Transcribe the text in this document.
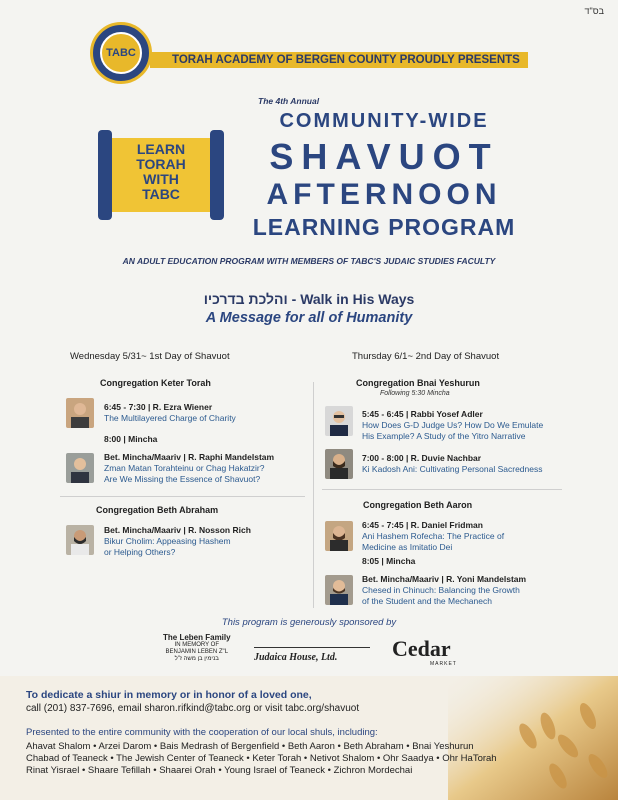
בס"ד
TORAH ACADEMY OF BERGEN COUNTY PROUDLY PRESENTS
TABC
LEARN
TORAH
WITH
TABC
The 4th Annual
COMMUNITY-WIDE
SHAVUOT
AFTERNOON
LEARNING PROGRAM
AN ADULT EDUCATION PROGRAM WITH MEMBERS OF TABC'S JUDAIC STUDIES FACULTY
והלכת בדרכיו - Walk in His Ways
A Message for all of Humanity
Wednesday 5/31~ 1st Day of Shavuot	Thursday 6/1~ 2nd Day of Shavuot
Congregation Keter Torah
6:45 - 7:30 | R. Ezra Wiener
The Multilayered Charge of Charity
8:00 | Mincha
Bet. Mincha/Maariv | R. Raphi Mandelstam
Zman Matan Torahteinu or Chag Hakatzir?
Are We Missing the Essence of Shavuot?
Congregation Beth Abraham
Bet. Mincha/Maariv | R. Nosson Rich
Bikur Cholim: Appeasing Hashem
or Helping Others?
Congregation Bnai Yeshurun
Following 5:30 Mincha
5:45 - 6:45 | Rabbi Yosef Adler
How Does G-D Judge Us? How Do We Emulate
His Example? A Study of the Yitro Narrative
7:00 - 8:00 | R. Duvie Nachbar
Ki Kadosh Ani: Cultivating Personal Sacredness
Congregation Beth Aaron
6:45 - 7:45 | R. Daniel Fridman
Ani Hashem Rofecha: The Practice of
Medicine as Imitatio Dei
8:05 | Mincha
Bet. Mincha/Maariv | R. Yoni Mandelstam
Chesed in Chinuch: Balancing the Growth
of the Student and the Mechanech
This program is generously sponsored by
The Leben Family
IN MEMORY OF
BENJAMIN LEBEN Z"L
בנימין בן משה ז"ל	Judaica House, Ltd.	Cedar
MARKET
To dedicate a shiur in memory or in honor of a loved one,
call (201) 837-7696, email sharon.rifkind@tabc.org or visit tabc.org/shavuot
Presented to the entire community with the cooperation of our local shuls, including:
Ahavat Shalom • Arzei Darom • Bais Medrash of Bergenfield • Beth Aaron • Beth Abraham • Bnai Yeshurun
Chabad of Teaneck • The Jewish Center of Teaneck • Keter Torah • Netivot Shalom • Ohr Saadya • Ohr HaTorah
Rinat Yisrael • Shaare Tefillah • Shaarei Orah • Young Israel of Teaneck • Zichron Mordechai
